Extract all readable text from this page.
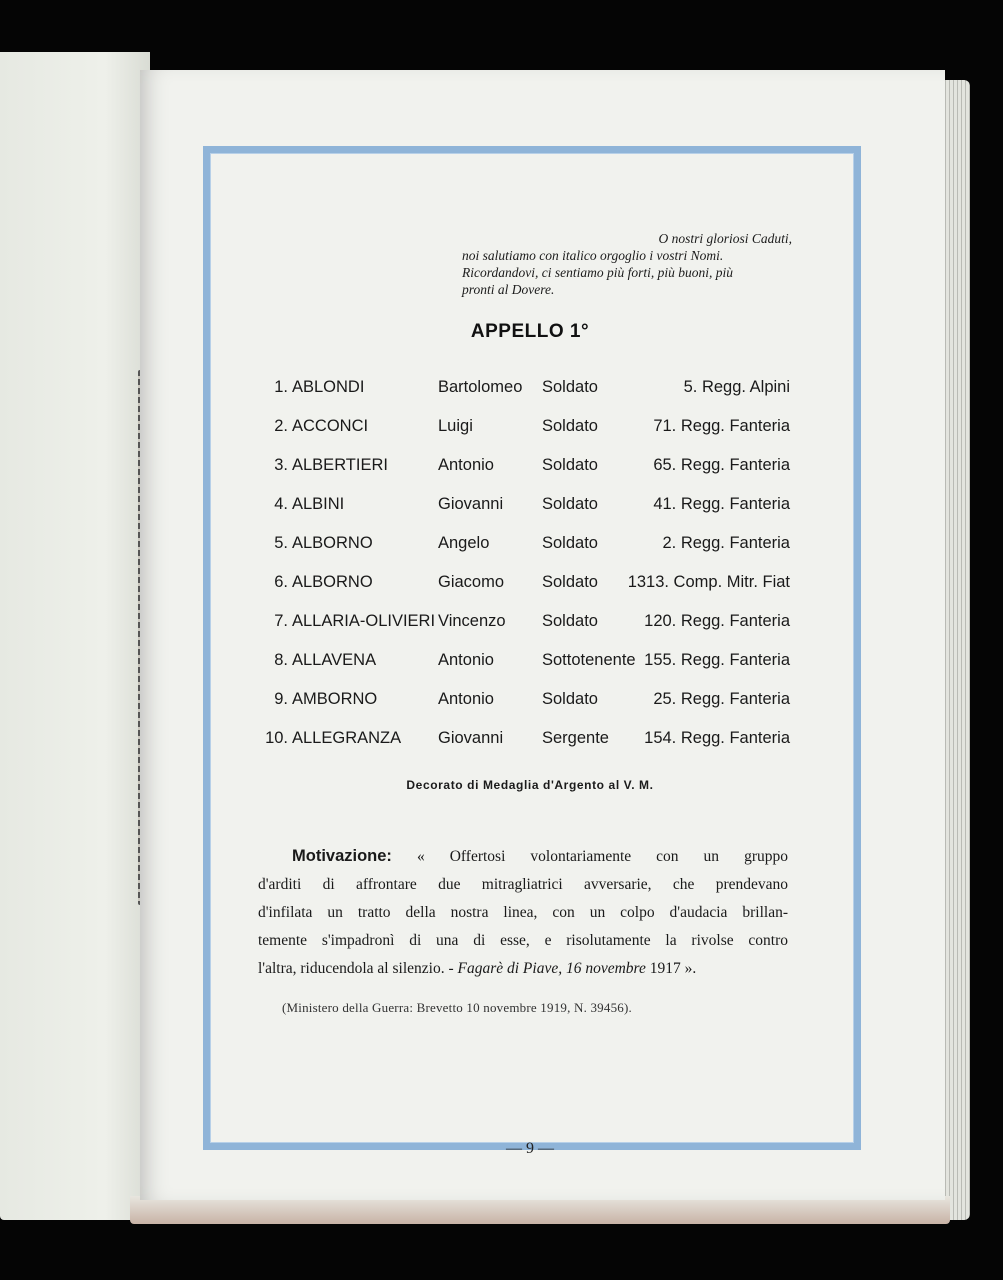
O nostri gloriosi Caduti,
noi salutiamo con italico orgoglio i vostri Nomi.
Ricordandovi, ci sentiamo più forti, più buoni, più
pronti al Dovere.
APPELLO 1°
1. ABLONDI	Bartolomeo Soldato	5. Regg. Alpini
2. ACCONCI	Luigi	Soldato	71. Regg. Fanteria
3. ALBERTIERI	Antonio	Soldato	65. Regg. Fanteria
4. ALBINI	Giovanni Soldato	41. Regg. Fanteria
5. ALBORNO	Angelo	Soldato	2. Regg. Fanteria
6. ALBORNO	Giacomo Soldato 1313. Comp. Mitr. Fiat
7. ALLARIA-OLIVIERI Vincenzo Soldato	120. Regg. Fanteria
8. ALLAVENA	Antonio	Sottotenente 155. Regg. Fanteria
9. AMBORNO	Antonio	Soldato	25. Regg. Fanteria
10. ALLEGRANZA Giovanni Sergente	154. Regg. Fanteria
Decorato di Medaglia d'Argento al V. M.
Motivazione: « Offertosi volontariamente con un gruppo
d'arditi di affrontare due mitragliatrici avversarie, che prendevano
d'infilata un tratto della nostra linea, con un colpo d'audacia brillan-
temente s'impadronì di una di esse, e risolutamente la rivolse contro
l'altra, riducendola al silenzio. - Fagarè di Piave, 16 novembre 1917 ».
(Ministero della Guerra: Brevetto 10 novembre 1919, N. 39456).
— 9 —
